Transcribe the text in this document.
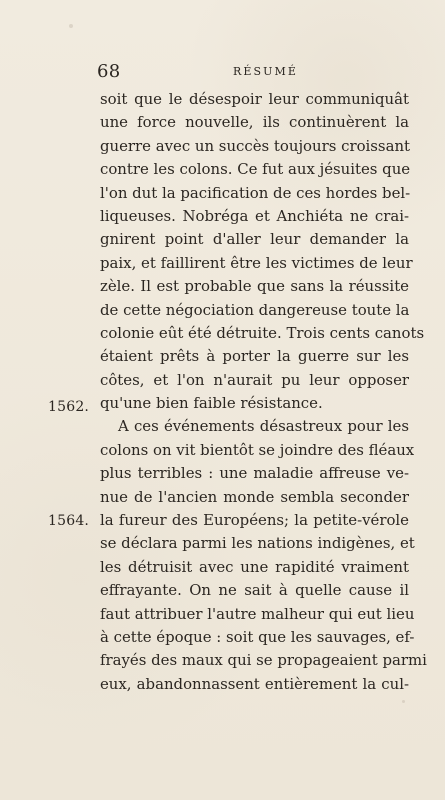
68	RÉSUMÉ
1562.
1564.
soit que le désespoir leur communiquât
une force nouvelle, ils continuèrent la
guerre avec un succès toujours croissant
contre les colons. Ce fut aux jésuites que
l'on dut la pacification de ces hordes bel-
liqueuses. Nobréga et Anchiéta ne crai-
gnirent point d'aller leur demander la
paix, et faillirent être les victimes de leur
zèle. Il est probable que sans la réussite
de cette négociation dangereuse toute la
colonie eût été détruite. Trois cents canots
étaient prêts à porter la guerre sur les
côtes, et l'on n'aurait pu leur opposer
qu'une bien faible résistance.
A ces événements désastreux pour les
colons on vit bientôt se joindre des fléaux
plus terribles : une maladie affreuse ve-
nue de l'ancien monde sembla seconder
la fureur des Européens; la petite-vérole
se déclara parmi les nations indigènes, et
les détruisit avec une rapidité vraiment
effrayante. On ne sait à quelle cause il
faut attribuer l'autre malheur qui eut lieu
à cette époque : soit que les sauvages, ef-
frayés des maux qui se propageaient parmi
eux, abandonnassent entièrement la cul-
